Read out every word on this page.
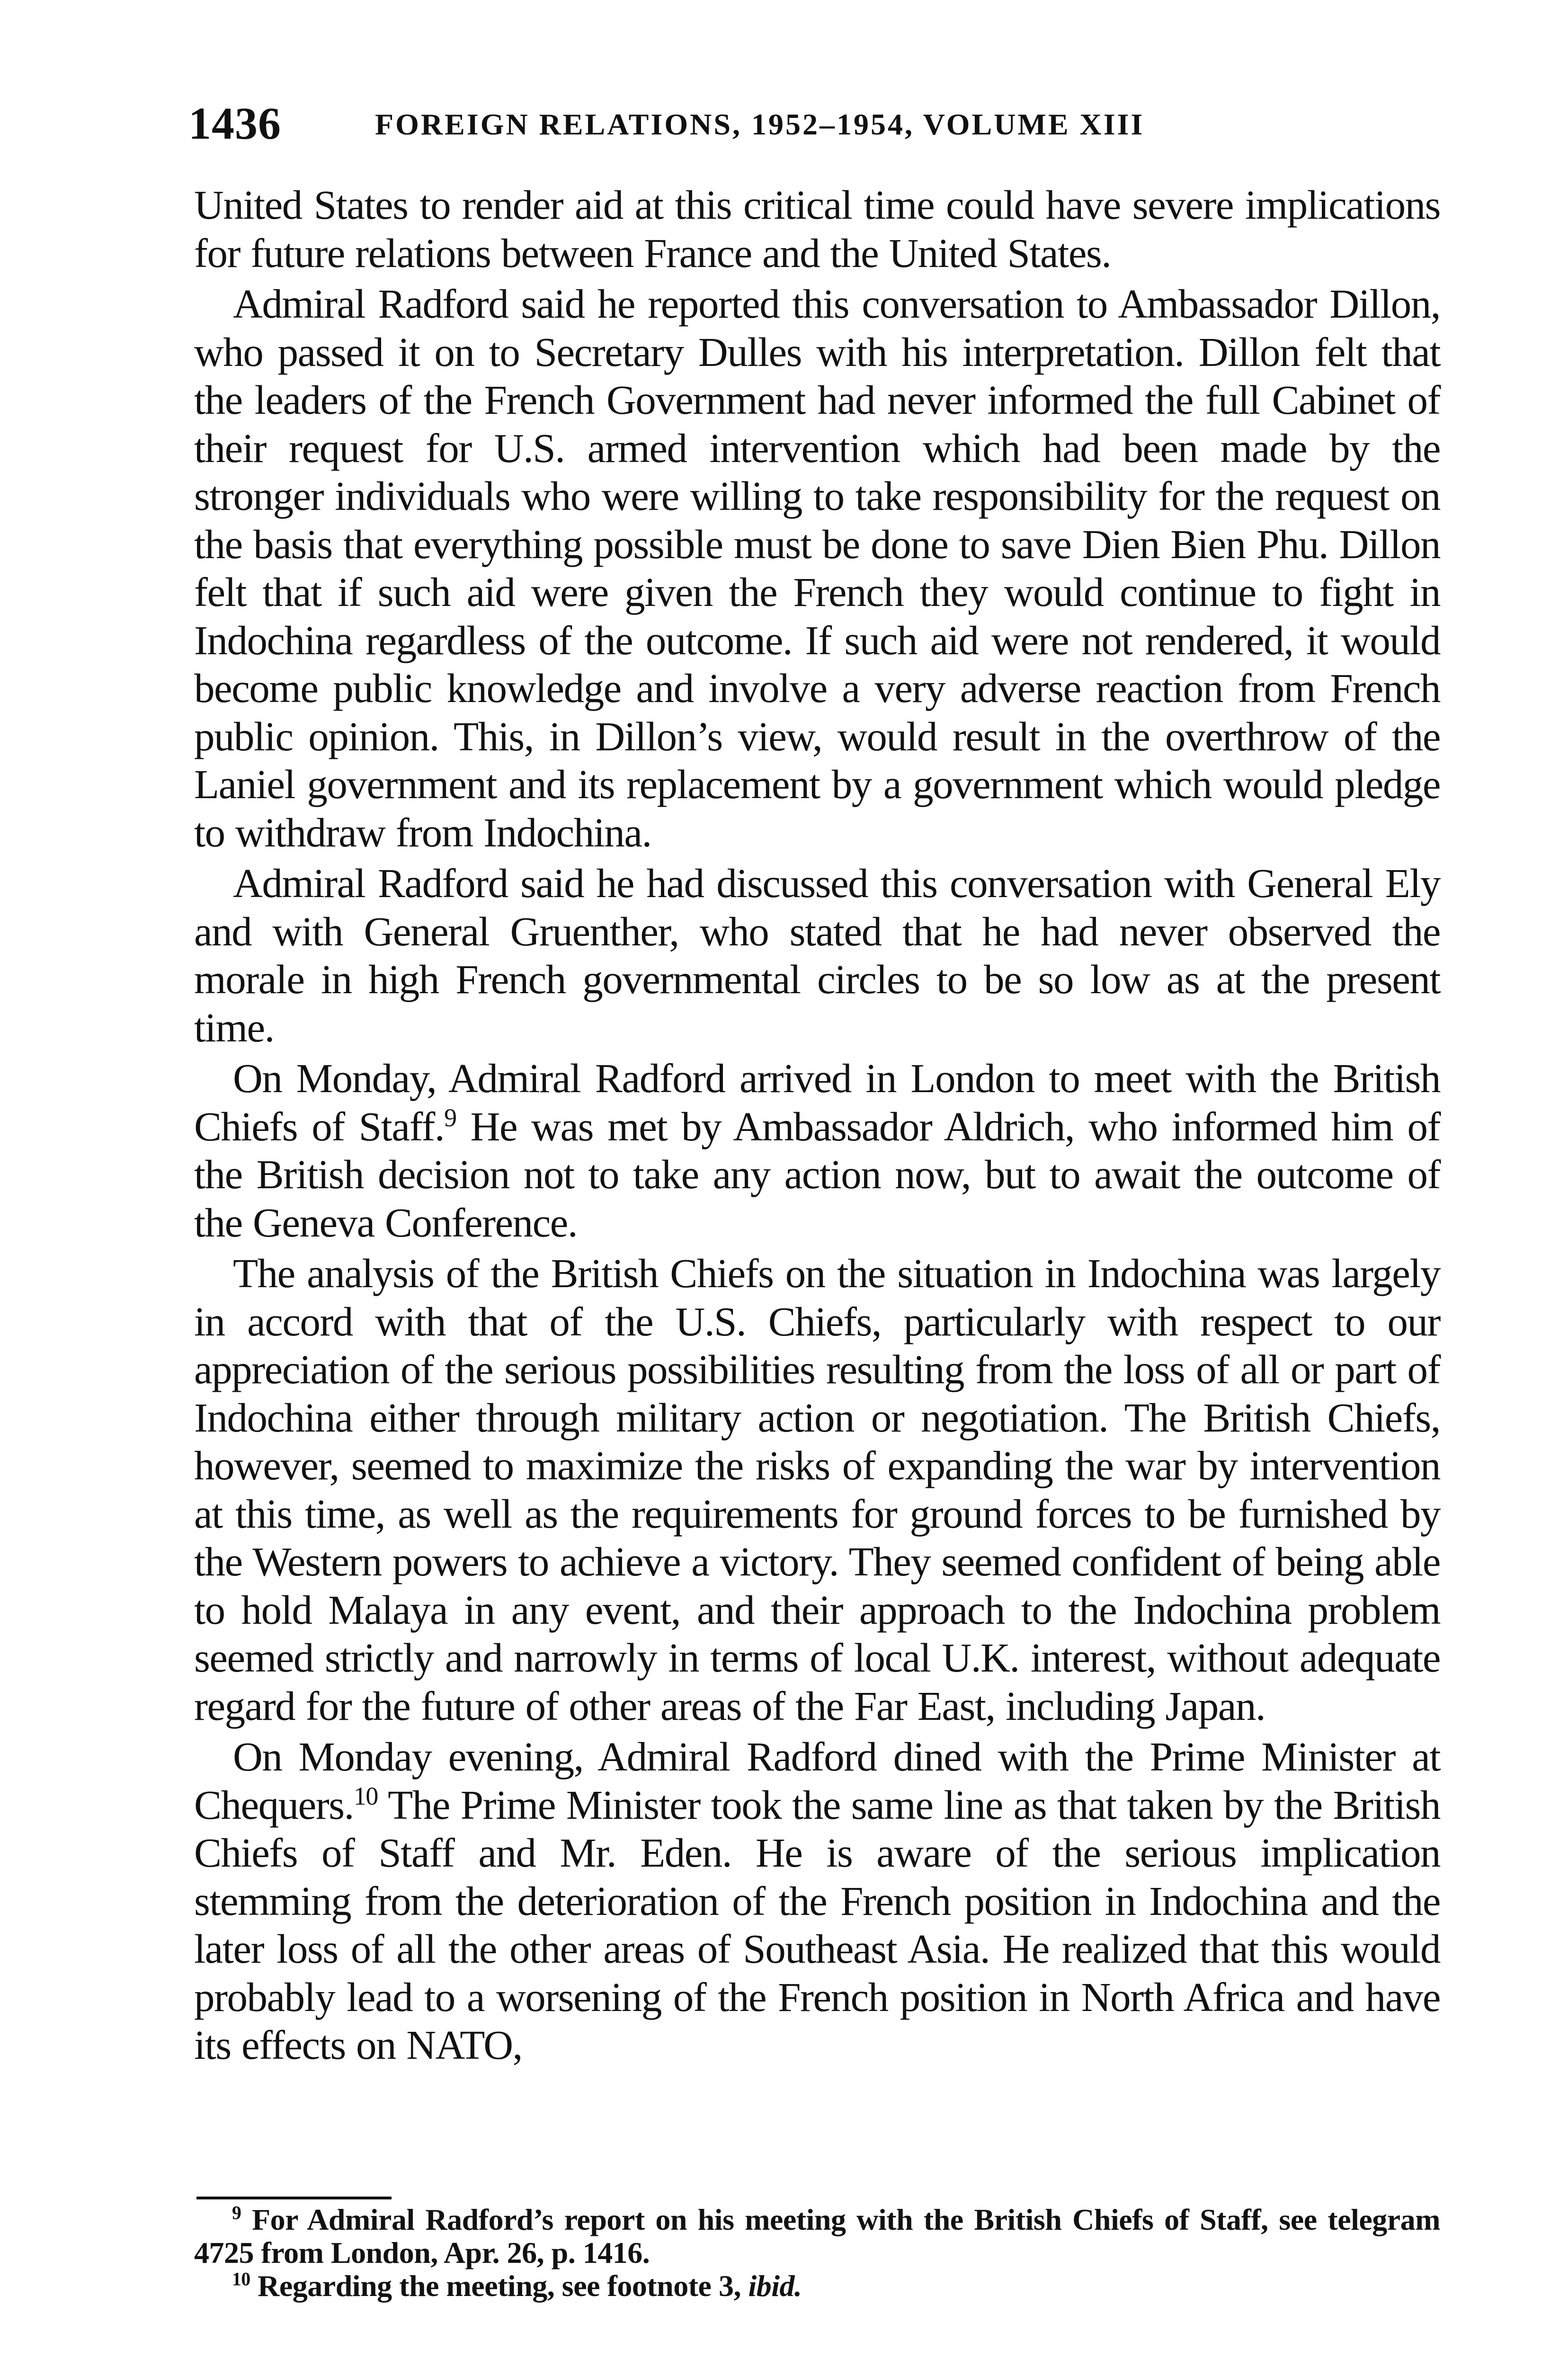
1436	FOREIGN RELATIONS, 1952–1954, VOLUME XIII

United States to render aid at this critical time could have severe implications for future relations between France and the United States.

Admiral Radford said he reported this conversation to Ambassador Dillon, who passed it on to Secretary Dulles with his interpretation. Dillon felt that the leaders of the French Government had never informed the full Cabinet of their request for U.S. armed intervention which had been made by the stronger individuals who were willing to take responsibility for the request on the basis that everything possible must be done to save Dien Bien Phu. Dillon felt that if such aid were given the French they would continue to fight in Indochina regardless of the outcome. If such aid were not rendered, it would become public knowledge and involve a very adverse reaction from French public opinion. This, in Dillon’s view, would result in the overthrow of the Laniel government and its replacement by a government which would pledge to withdraw from Indochina.

Admiral Radford said he had discussed this conversation with General Ely and with General Gruenther, who stated that he had never observed the morale in high French governmental circles to be so low as at the present time.

On Monday, Admiral Radford arrived in London to meet with the British Chiefs of Staff.$^9$ He was met by Ambassador Aldrich, who informed him of the British decision not to take any action now, but to await the outcome of the Geneva Conference.

The analysis of the British Chiefs on the situation in Indochina was largely in accord with that of the U.S. Chiefs, particularly with respect to our appreciation of the serious possibilities resulting from the loss of all or part of Indochina either through military action or negotiation. The British Chiefs, however, seemed to maximize the risks of expanding the war by intervention at this time, as well as the requirements for ground forces to be furnished by the Western powers to achieve a victory. They seemed confident of being able to hold Malaya in any event, and their approach to the Indochina problem seemed strictly and narrowly in terms of local U.K. interest, without adequate regard for the future of other areas of the Far East, including Japan.

On Monday evening, Admiral Radford dined with the Prime Minister at Chequers.$^{10}$ The Prime Minister took the same line as that taken by the British Chiefs of Staff and Mr. Eden. He is aware of the serious implication stemming from the deterioration of the French position in Indochina and the later loss of all the other areas of Southeast Asia. He realized that this would probably lead to a worsening of the French position in North Africa and have its effects on NATO,

$^9$ For Admiral Radford’s report on his meeting with the British Chiefs of Staff, see telegram 4725 from London, Apr. 26, p. 1416.

$^{10}$ Regarding the meeting, see footnote 3, ibid.
